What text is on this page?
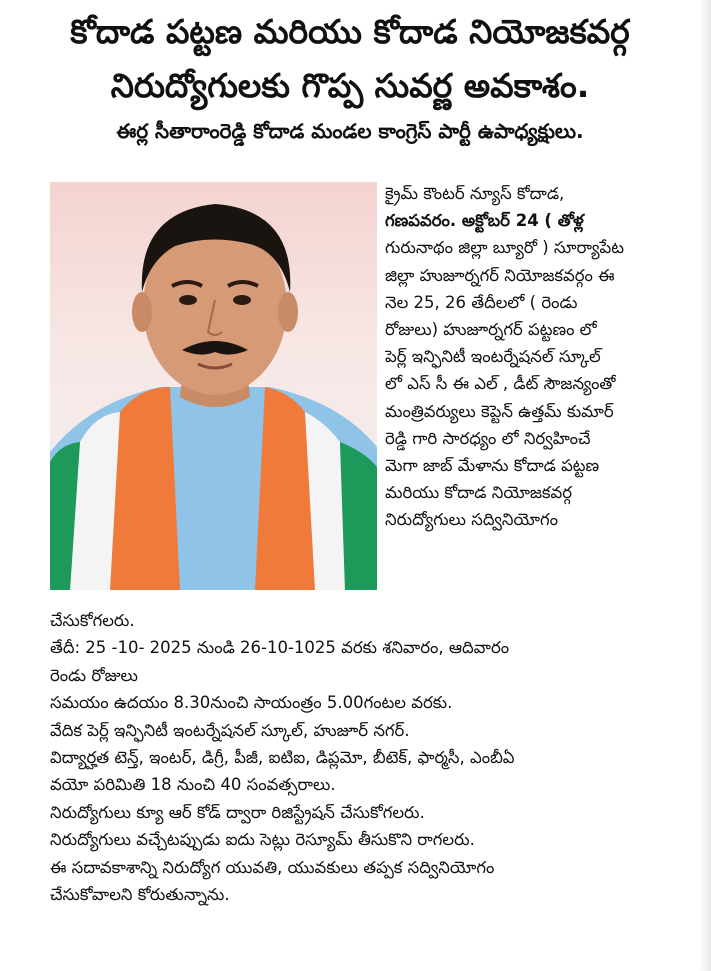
కోదాడ పట్టణ మరియు కోదాడ నియోజకవర్గ
నిరుద్యోగులకు గొప్ప సువర్ణ అవకాశం.
ఈర్ల సీతారాంరెడ్డి కోదాడ మండల కాంగ్రెస్ పార్టీ ఉపాధ్యక్షులు.

క్రైమ్ కౌంటర్ న్యూస్ కోదాడ,

గణపవరం. అక్టోబర్ 24 ( తోళ్ల

గురునాథం జిల్లా బ్యూరో ) సూర్యాపేట

జిల్లా హుజూర్నగర్ నియోజకవర్గం ఈ

నెల 25, 26 తేదీలలో ( రెండు

రోజులు) హుజూర్నగర్ పట్టణం లో

పెర్ల్ ఇన్ఫినిటీ ఇంటర్నేషనల్ స్కూల్

లో ఎస్ సీ ఈ ఎల్ , డీట్ సౌజన్యంతో

మంత్రివర్యులు కెప్టెన్ ఉత్తమ్ కుమార్

రెడ్డి గారి సారధ్యం లో నిర్వహించే

మెగా జాబ్ మేళాను కోదాడ పట్టణ

మరియు కోదాడ నియోజకవర్గ

నిరుద్యోగులు సద్వినియోగం

చేసుకోగలరు.

తేదీ: 25 -10- 2025 నుండి 26-10-1025 వరకు శనివారం, ఆదివారం

రెండు రోజులు

సమయం ఉదయం 8.30నుంచి సాయంత్రం 5.00గంటల వరకు.

వేదిక పెర్ల్ ఇన్ఫినిటీ ఇంటర్నేషనల్ స్కూల్, హుజూర్ నగర్.

విద్యార్హత టెన్త్, ఇంటర్, డిగ్రీ, పీజీ, ఐటిఐ, డిప్లమో, బీటెక్, ఫార్మసీ, ఎంబీఏ

వయో పరిమితి 18 నుంచి 40 సంవత్సరాలు.

నిరుద్యోగులు క్యూ ఆర్ కోడ్ ద్వారా రిజిస్ట్రేషన్ చేసుకోగలరు.

నిరుద్యోగులు వచ్చేటప్పుడు ఐదు సెట్లు రెస్యూమ్ తీసుకొని రాగలరు.

ఈ సదావకాశాన్ని నిరుద్యోగ యువతి, యువకులు తప్పక సద్వినియోగం

చేసుకోవాలని కోరుతున్నాను.
